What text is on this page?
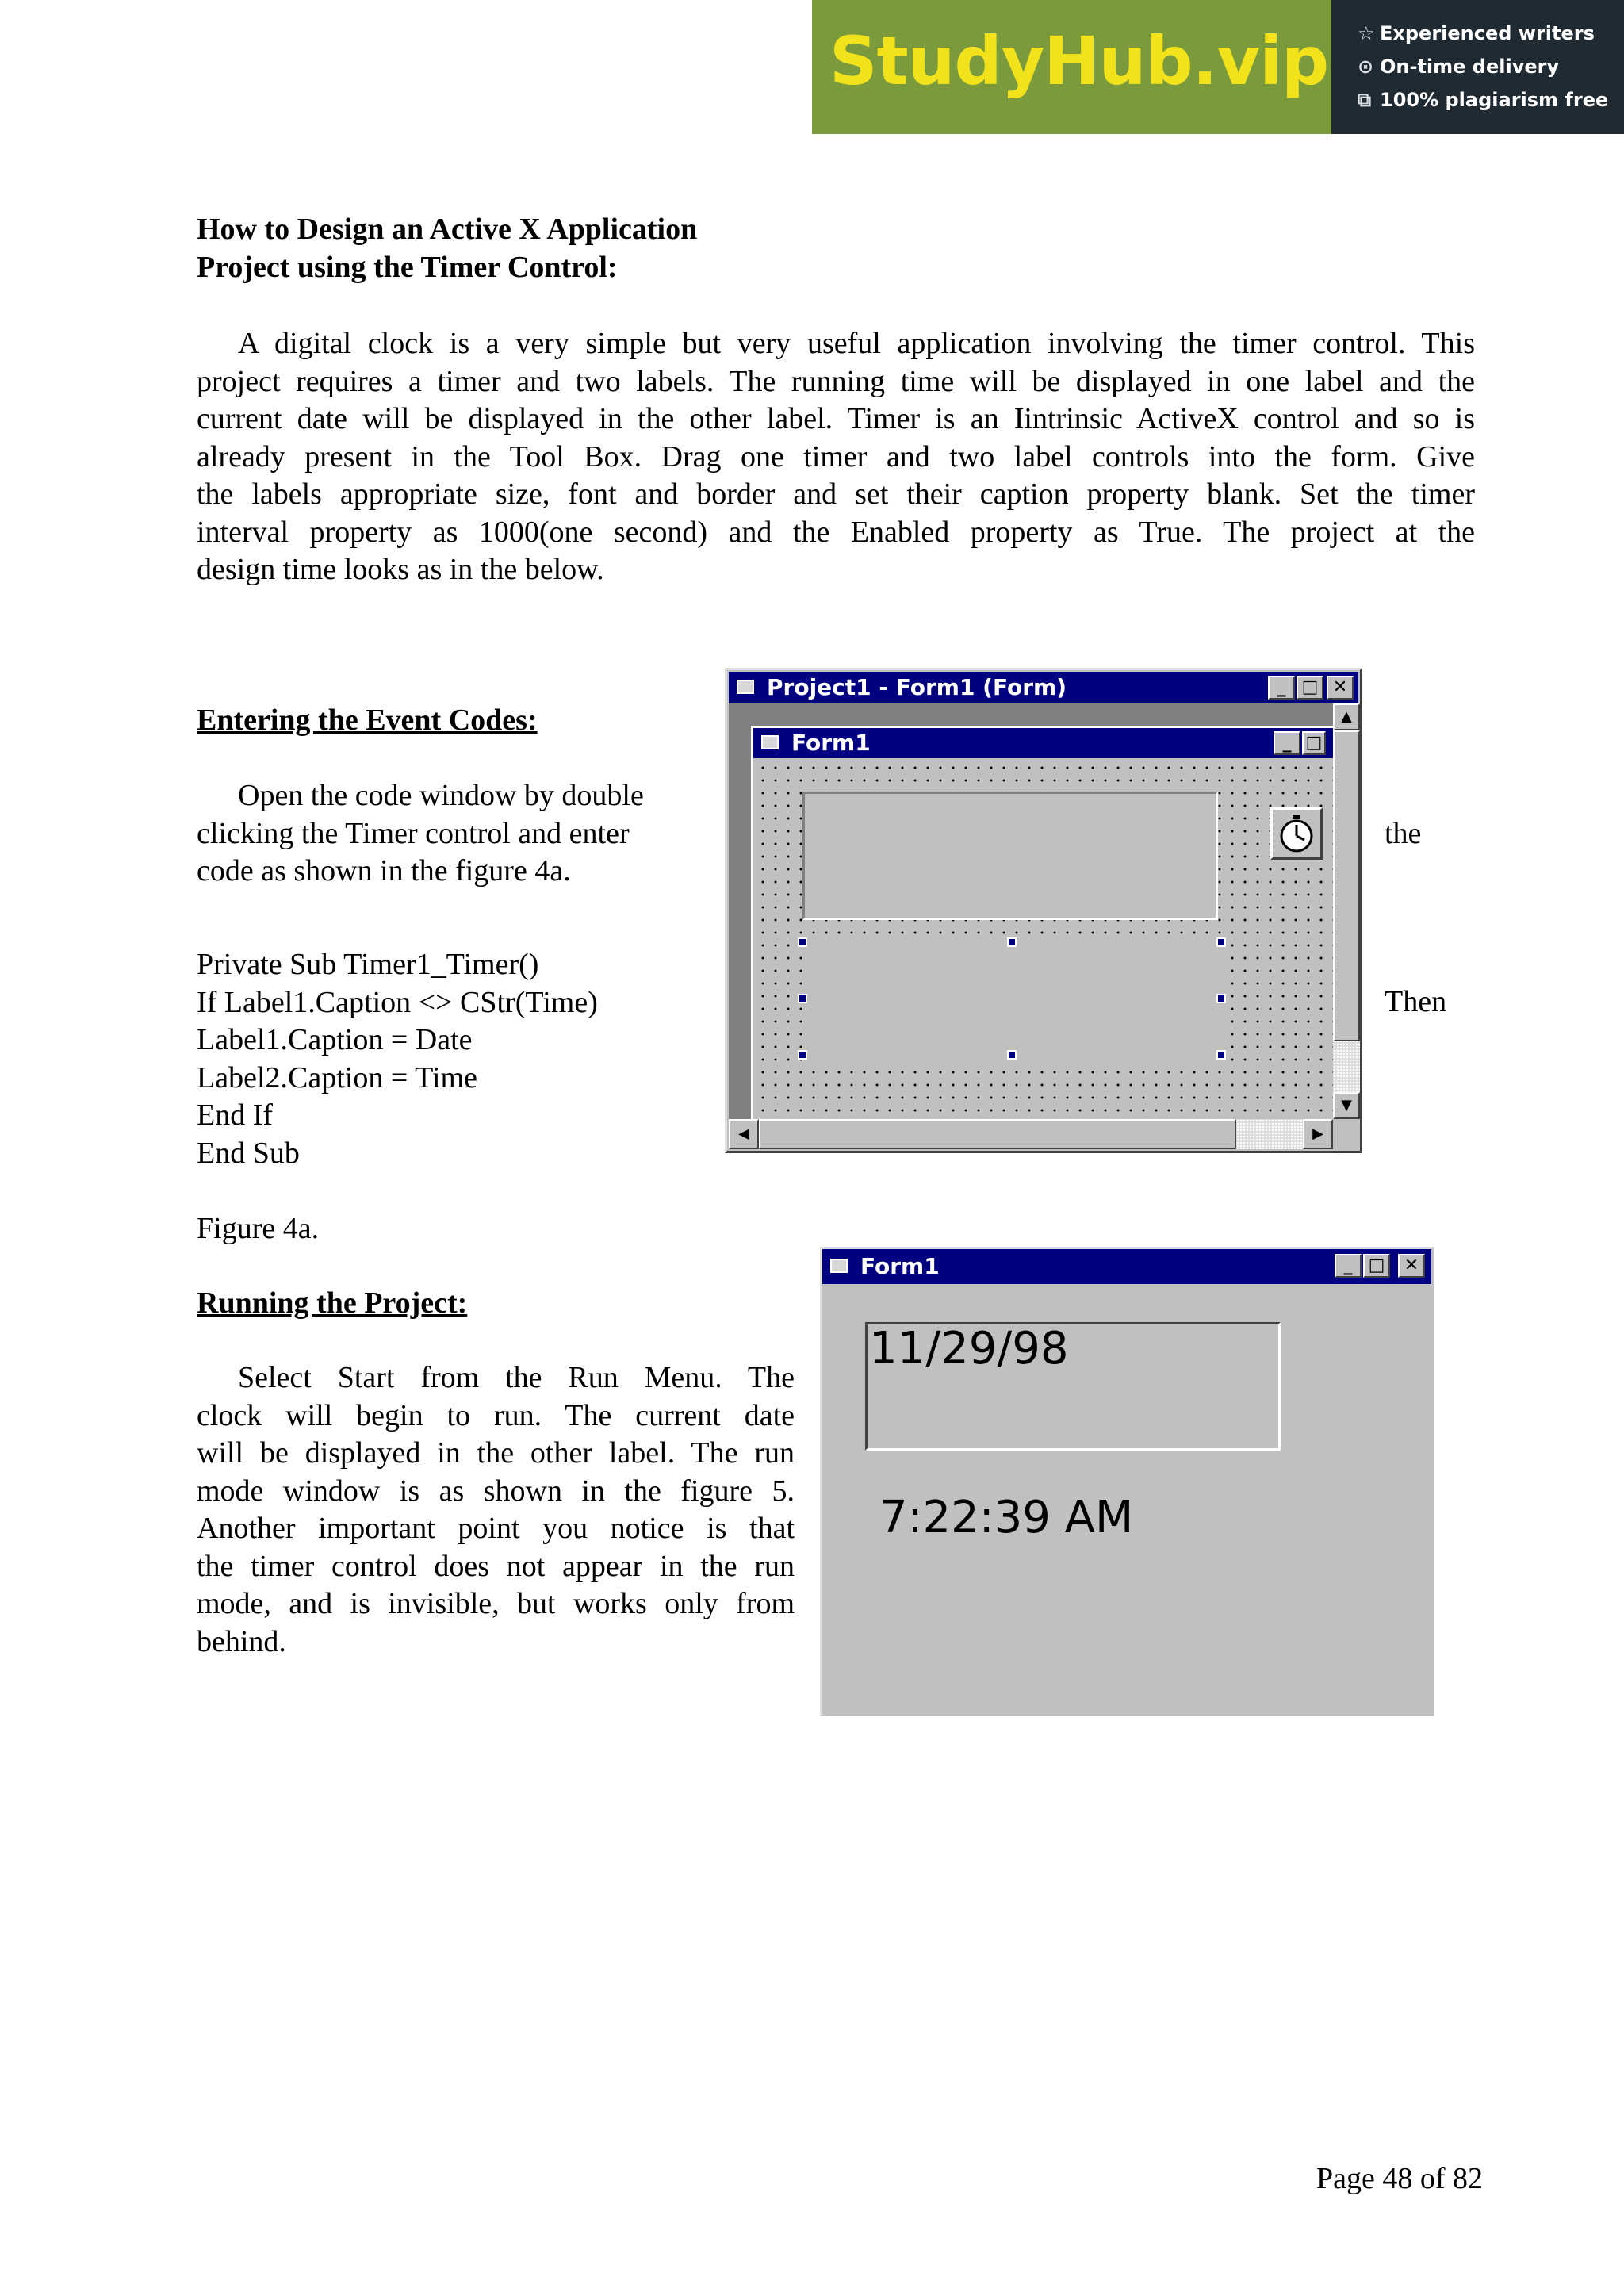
StudyHub.vip ☆ Experienced writers
⊙ On-time delivery
⧉ 100% plagiarism free
How to Design an Active X Application
Project using the Timer Control:
A digital clock is a very simple but very useful application involving the timer control. This
project requires a timer and two labels. The running time will be displayed in one label and the
current date will be displayed in the other label. Timer is an Iintrinsic ActiveX control and so is
already present in the Tool Box. Drag one timer and two label controls into the form. Give
the labels appropriate size, font and border and set their caption property blank. Set the timer
interval property as 1000(one second) and the Enabled property as True. The project at the
design time looks as in the below.
Entering the Event Codes:
Open the code window by double
clicking the Timer control and enter
code as shown in the figure 4a.
the
Then
Private Sub Timer1_Timer()
If Label1.Caption <> CStr(Time)
Label1.Caption = Date
Label2.Caption = Time
End If
End Sub
Figure 4a.
Running the Project:
Select Start from the Run Menu. The
clock will begin to run. The current date
will be displayed in the other label. The run
mode window is as shown in the figure 5.
Another important point you notice is that
the timer control does not appear in the run
mode, and is invisible, but works only from
behind.
Project1 - Form1 (Form)	_ □ ✕
Form1	_ □
▲
▼
◀	▶
Form1	_ □	✕
11/29/98
7:22:39 AM
Page 48 of 82
